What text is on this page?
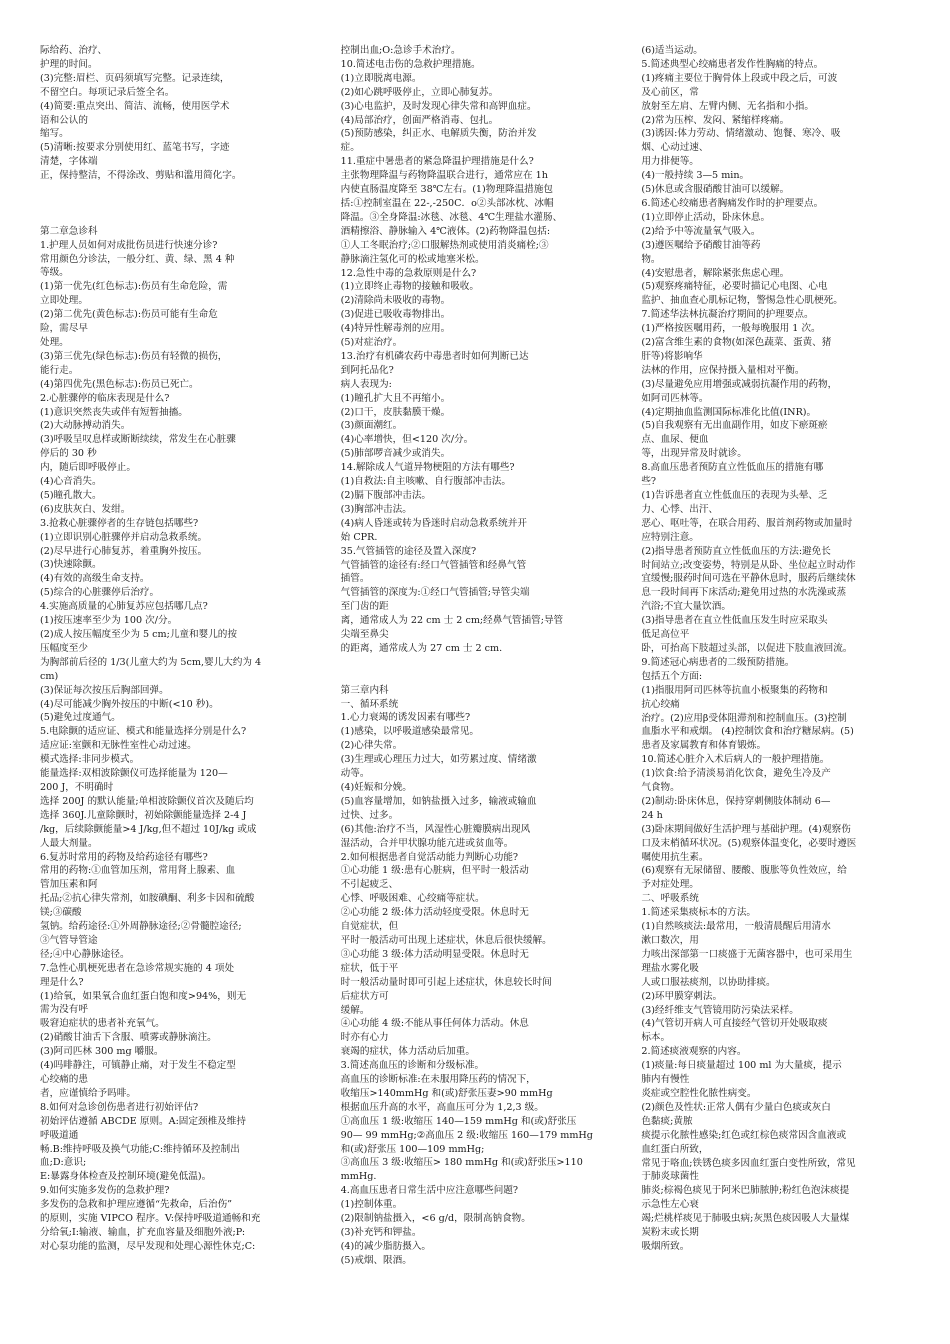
际给药、治疗、
护理的时间。
(3)完整:眉栏、页码须填写完整。记录连续，
不留空白。每项记录后签全名。
(4)简要:重点突出、简洁、流畅，使用医学术
语和公认的
缩写。
(5)清晰:按要求分别使用红、蓝笔书写，字迹
清楚，字体端
正，保持整洁，不得涂改、剪贴和滥用简化字。
第二章急诊科
1.护理人员如何对成批伤员进行快速分诊?
常用颜色分诊法，一般分红、黄、绿、黑 4 种
等级。
(1)第一优先(红色标志):伤员有生命危险，需
立即处理。
(2)第二优先(黄色标志):伤员可能有生命危
险，需尽早
处理。
(3)第三优先(绿色标志):伤员有轻微的损伤，
能行走。
(4)第四优先(黑色标志):伤员已死亡。
2.心脏骤停的临床表现是什么?
(1)意识突然丧失或伴有短暂抽搐。
(2)大动脉搏动消失。
(3)呼吸呈叹息样或断断续续，常发生在心脏骤
停后的 30 秒
内，随后即呼吸停止。
(4)心音消失。
(5)瞳孔散大。
(6)皮肤灰白、发绀。
3.抢救心脏骤停者的生存链包括哪些?
(1)立即识别心脏骤停并启动急救系统。
(2)尽早进行心肺复苏，着重胸外按压。
(3)快速除颤。
(4)有效的高级生命支持。
(5)综合的心脏骤停后治疗。
4.实施高质量的心肺复苏应包括哪几点?
(1)按压速率至少为 100 次/分。
(2)成人按压幅度至少为 5 cm;儿童和婴儿的按
压幅度至少
为胸部前后径的 1/3(儿童大约为 5cm,婴儿大约为 4
cm)
(3)保证每次按压后胸部回弹。
(4)尽可能减少胸外按压的中断(<10 秒)。
(5)避免过度通气。
5.电除颤的适应证、模式和能量选择分别是什么?
适应证:室颤和无脉性室性心动过速。
模式选择:非同步模式。
能量选择:双相波除颤仪可选择能量为 120—
200 J，不明确时
选择 200J 的默认能量;单相波除颤仪首次及随后均
选择 360J.儿童除颤时，初始除颤能量选择 2-4 J
/kg，后续除颤能量>4 J/kg,但不超过 10J/kg 或成
人最大剂量。
6.复苏时常用的药物及给药途径有哪些?
常用的药物:①血管加压剂，常用肾上腺素、血
管加压素和阿
托品;②抗心律失常剂，如胺碘酮、利多卡因和硫酸
镁;③碳酸
氢钠。给药途径:①外周静脉途径;②骨髓腔途径;
③气管导管途
径;④中心静脉途径。
7.急性心肌梗死患者在急诊常规实施的 4 项处
理是什么?
(1)给氧，如果氧合血红蛋白饱和度>94%，则无
需为没有呼
吸窘迫症状的患者补充氧气。
(2)硝酸甘油舌下含服、喷雾或静脉滴注。
(3)阿司匹林 300 mg 嚼服。
(4)吗啡静注，可镇静止痛，对于发生不稳定型
心绞痛的患
者，应谨慎给予吗啡。
8.如何对急诊创伤患者进行初始评估?
初始评估遵循 ABCDE 原则。A:固定颈椎及维持
呼吸道通
畅.B:维持呼吸及换气功能;C:维持循环及控制出
血;D:意识;
E:暴露身体检查及控制环境(避免低温)。
9.如何实施多发伤的急救护理?
多发伤的急救和护理应遵循“先救命，后治伤”
的原则，实施 VIPCO 程序。V:保持呼吸道通畅和充
分给氧;I:输液、输血，扩充血容量及细胞外液;P:
对心泵功能的监测，尽早发现和处理心源性休克;C:
控制出血;O:急诊手术治疗。
10.简述电击伤的急救护理措施。
(1)立即脱离电源。
(2)如心跳呼吸停止，立即心肺复苏。
(3)心电监护，及时发现心律失常和高钾血症。
(4)局部治疗，创面严格消毒、包扎。
(5)预防感染，纠正水、电解质失衡，防治并发
症。
11.重症中暑患者的紧急降温护理措施是什么?
主张物理降温与药物降温联合进行，通常应在 1h
内使直肠温度降至 38℃左右。(1)物理降温措施包
括:①控制室温在 22-,-250C．o②头部冰枕、冰帽
降温。③全身降温:冰毯、冰毯、4℃生理盐水灌肠、
酒精擦浴、静脉输入 4℃液体。(2)药物降温包括:
①人工冬眠治疗;②口服解热剂或使用消炎痛栓;③
静脉滴注氢化可的松或地塞米松。
12.急性中毒的急救原则是什么?
(1)立即终止毒物的接触和吸收。
(2)清除尚未吸收的毒物。
(3)促进已吸收毒物排出。
(4)特异性解毒剂的应用。
(5)对症治疗。
13.治疗有机磷农药中毒患者时如何判断已达
到阿托品化?
病人表现为:
(1)瞳孔扩大且不再缩小。
(2)口干，皮肤黏膜干燥。
(3)颜面潮红。
(4)心率增快，但<120 次/分。
(5)肺部啰音减少或消失。
14.解除成人气道异物梗阻的方法有哪些?
(1)自救法:自主咳嗽、自行腹部冲击法。
(2)膈下腹部冲击法。
(3)胸部冲击法。
(4)病人昏迷或转为昏迷时启动急救系统并开
始 CPR.
35.气管插管的途径及置入深度?
气管插管的途径有:经口气管插管和经鼻气管
插管。
气管插管的深度为:①经口气管插管;导管尖端
至门齿的距
离，通常成人为 22 cm 士 2 cm;经鼻气管插管;导管
尖端至鼻尖
的距离，通常成人为 27 cm 士 2 cm.
第三章内科
一、循环系统
1.心力衰竭的诱发因素有哪些?
(1)感染，以呼吸道感染最常见。
(2)心律失常。
(3)生理或心理压力过大，如劳累过度、情绪激
动等。
(4)妊娠和分娩。
(5)血容量增加，如钠盐摄入过多，输液或输血
过快、过多。
(6)其他:治疗不当，风湿性心脏瓣膜病出现风
湿活动，合并甲状腺功能亢进或贫血等。
2.如何根据患者自觉活动能力判断心功能?
①心功能 1 级:患有心脏病，但平时一般活动
不引起疲乏、
心悸、呼吸困难、心绞痛等症状。
②心功能 2 级:体力活动轻度受限。休息时无
自觉症状，但
平时一般活动可出现上述症状，休息后很快缓解。
③心功能 3 级:体力活动明显受限。休息时无
症状，低于平
时一般活动量时即可引起上述症状，休息较长时间
后症状方可
缓解。
④心功能 4 级:不能从事任何体力活动。休息
时亦有心力
衰竭的症状，体力活动后加重。
3.简述高血压的诊断和分级标准。
高血压的诊断标准:在未服用降压药的情况下，
收缩压>140mmHg 和(或)舒张压妻>90 mmHg
根据血压升高的水平，高血压可分为 1,2,3 级。
①高血压 1 级:收缩压 140—159 mmHg 和(或)舒张压
90— 99 mmHg;②高血压 2 级:收缩压 160—179 mmHg
和(或)舒张压 100—109 mmHg;
③高血压 3 级:收缩压> 180 mmHg 和(或)舒张压>110
mmHg.
4.高血压患者日常生活中应注意哪些问题?
(1)控制体重。
(2)限制钠盐摄入，<6 g/d，限制高钠食物。
(3)补充钙和钾盐。
(4)的减少脂肪摄入。
(5)戒烟、限酒。
(6)适当运动。
5.简述典型心绞痛患者发作性胸痛的特点。
(1)疼痛主要位于胸骨体上段或中段之后，可波
及心前区，常
放射至左肩、左臂内侧、无名指和小指。
(2)常为压榨、发闷、紧缩样疼痛。
(3)诱因:体力劳动、情绪激动、饱餐、寒冷、吸
烟、心动过速、
用力排便等。
(4)一般持续 3—5 min。
(5)休息或含服硝酸甘油可以缓解。
6.简述心绞痛患者胸痛发作时的护理要点。
(1)立即停止活动，卧床休息。
(2)给予中等流量氧气吸入。
(3)遵医嘱给予硝酸甘油等药
物。
(4)安慰患者，解除紧张焦虑心理。
(5)观察疼痛特征，必要时描记心电图、心电
监护、抽血查心肌标记物，警惕急性心肌梗死。
7.简述华法林抗凝治疗期间的护理要点。
(1)严格按医嘱用药，一般每晚服用 1 次。
(2)富含维生素的食物(如深色蔬菜、蛋黄、猪
肝等)将影响华
法林的作用，应保持摄入量相对平衡。
(3)尽量避免应用增强或减弱抗凝作用的药物，
如阿司匹林等。
(4)定期抽血监测国际标准化比值(INR)。
(5)自我观察有无出血副作用，如皮下瘀斑瘀
点、血尿、便血
等，出现异常及时就诊。
8.高血压患者预防直立性低血压的措施有哪
些?
(1)告诉患者直立性低血压的表现为头晕、乏
力、心悸、出汗、
恶心、呕吐等，在联合用药、服首剂药物或加量时
应特别注意。
(2)指导患者预防直立性低血压的方法:避免长
时间站立;改变姿势，特别是从卧、坐位起立时动作
宜缓慢;服药时间可选在平静休息时，服药后继续休
息一段时间再下床活动;避免用过热的水洗澡或蒸
汽浴;不宜大量饮酒。
(3)指导患者在直立性低血压发生时应采取头
低足高位平
卧，可抬高下肢超过头部，以促进下肢血液回流。
9.简述冠心病患者的二级预防措施。
包括五个方面:
(1)指服用阿司匹林等抗血小板聚集的药物和
抗心绞痛
治疗。(2)应用β受体阻滞剂和控制血压。(3)控制
血脂水平和戒烟。 (4)控制饮食和治疗糖尿病。(5)
患者及家属教育和体育锻炼。
10.简述心脏介入术后病人的一般护理措施。
(1)饮食:给予清淡易消化饮食，避免生冷及产
气食物。
(2)制动:卧床休息，保持穿刺侧肢体制动 6—
24 h
(3)卧床期间做好生活护理与基础护理。(4)观察伤
口及末梢循环状况。(5)观察体温变化，必要时遵医
嘱使用抗生素。
(6)观察有无尿储留、腰酸、腹胀等负性效应，给
予对症处理。
二、呼吸系统
1.简述采集痰标本的方法。
(1)自然咳痰法:最常用，一般清晨醒后用清水
漱口数次，用
力咳出深部第一口痰盛于无菌容器中，也可采用生
理盐水雾化吸
人或口服祛痰剂，以协助排痰。
(2)环甲膜穿刺法。
(3)经纤维支气管镜用防污染法采样。
(4)气管切开病人可直接经气管切开处吸取痰
标本。
2.简述痰液观察的内容。
(1)痰量:每日痰量超过 100 ml 为大量痰，提示
肺内有慢性
炎症或空腔性化脓性病变。
(2)颜色及性状:正常人偶有少量白色痰或灰白
色黏痰;黄脓
痰提示化脓性感染;红色或红棕色痰常因含血液或
血红蛋白所致，
常见于咯血;铁锈色痰多因血红蛋白变性所致，常见
于肺炎球菌性
肺炎;棕褐色痰见于阿米巴肺脓肿;粉红色泡沫痰提
示急性左心衰
竭;烂桃样痰见于肺吸虫病;灰黑色痰因吸人大量煤
炭粉末或长期
吸烟所致。
